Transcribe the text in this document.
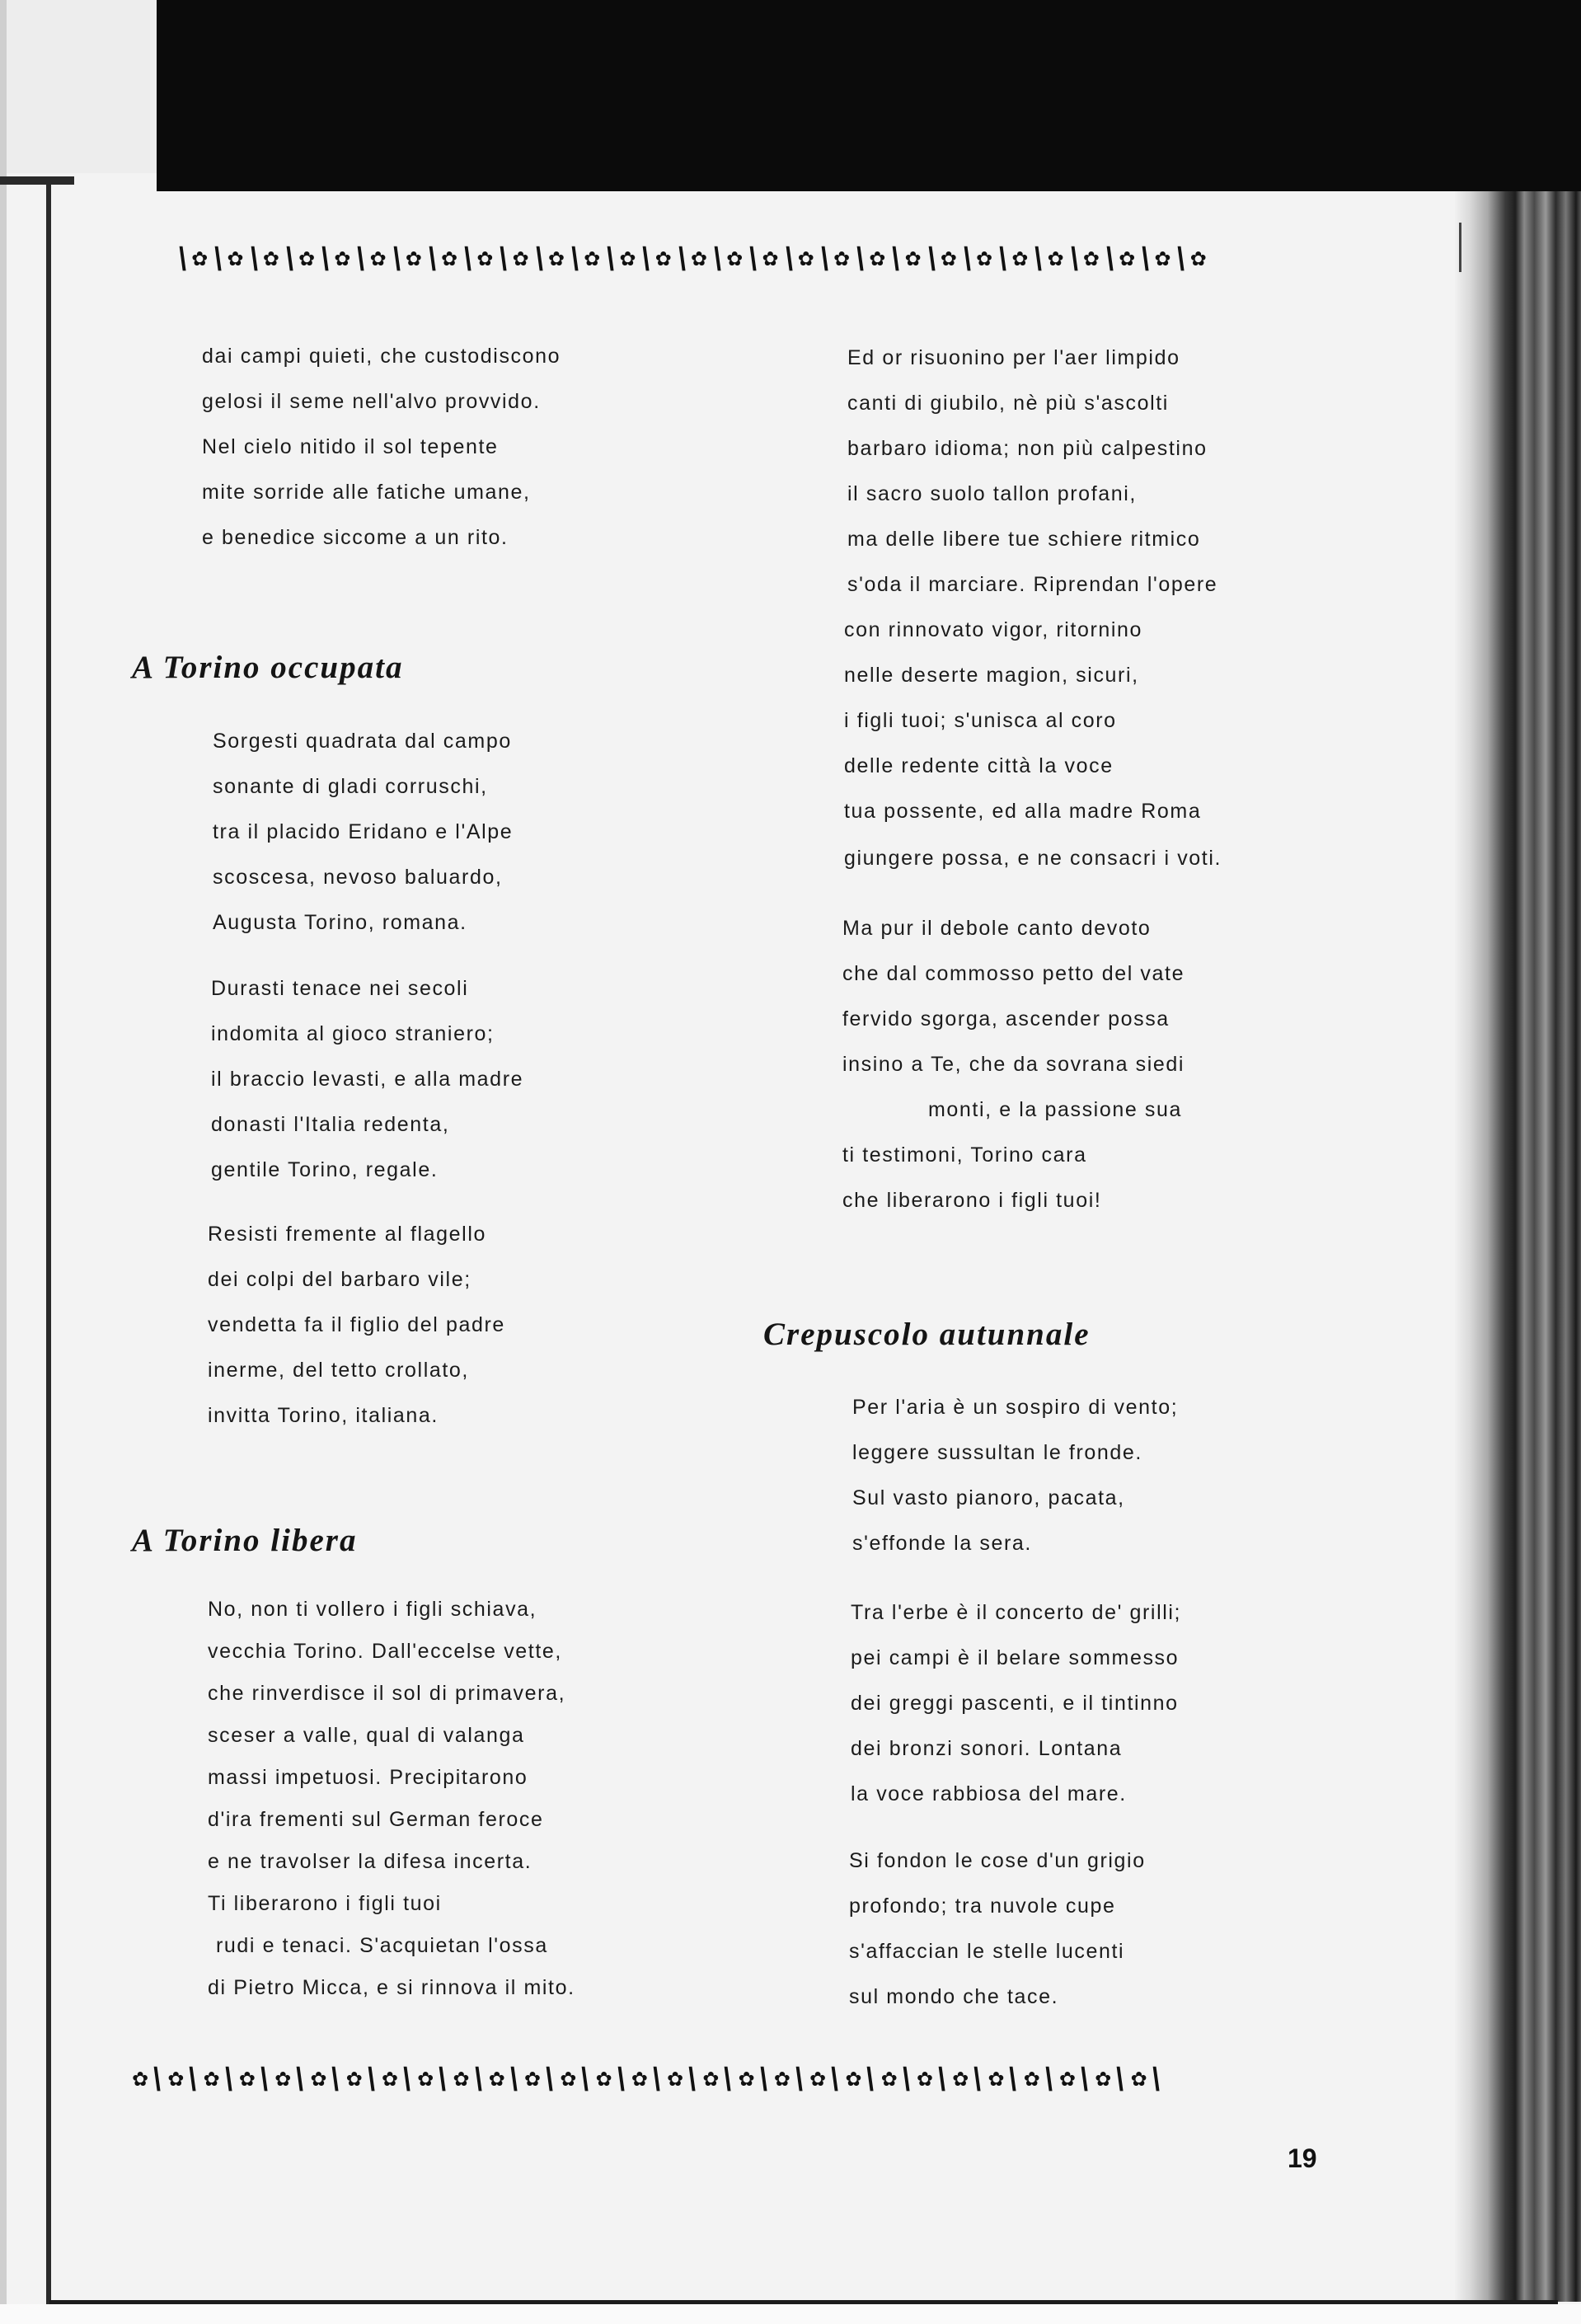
\ ✿ \ ✿ \ ✿ \ ✿ \ ✿ \ ✿ \ ✿ \ ✿ \ ✿ \ ✿ \ ✿ \ ✿ \ ✿ \ ✿ \ ✿ \ ✿ \ ✿ \ ✿ \ ✿ \ ✿ \ ✿ \ ✿ \ ✿ \ ✿ \ ✿ \ ✿ \ ✿ \ ✿ \ ✿
✿ \ ✿ \ ✿ \ ✿ \ ✿ \ ✿ \ ✿ \ ✿ \ ✿ \ ✿ \ ✿ \ ✿ \ ✿ \ ✿ \ ✿ \ ✿ \ ✿ \ ✿ \ ✿ \ ✿ \ ✿ \ ✿ \ ✿ \ ✿ \ ✿ \ ✿ \ ✿ \ ✿ \ ✿ \
dai campi quieti, che custodiscono
gelosi il seme nell'alvo provvido.
Nel cielo nitido il sol tepente
mite sorride alle fatiche umane,
e benedice siccome a un rito.
A Torino occupata
Sorgesti quadrata dal campo
sonante di gladi corruschi,
tra il placido Eridano e l'Alpe
scoscesa, nevoso baluardo,
Augusta Torino, romana.
Durasti tenace nei secoli
indomita al gioco straniero;
il braccio levasti, e alla madre
donasti l'Italia redenta,
gentile Torino, regale.
Resisti fremente al flagello
dei colpi del barbaro vile;
vendetta fa il figlio del padre
inerme, del tetto crollato,
invitta Torino, italiana.
A Torino libera
No, non ti vollero i figli schiava,
vecchia Torino. Dall'eccelse vette,
che rinverdisce il sol di primavera,
sceser a valle, qual di valanga
massi impetuosi. Precipitarono
d'ira frementi sul German feroce
e ne travolser la difesa incerta.
Ti liberarono i figli tuoi
rudi e tenaci. S'acquietan l'ossa
di Pietro Micca, e si rinnova il mito.
Ed or risuonino per l'aer limpido
canti di giubilo, nè più s'ascolti
barbaro idioma; non più calpestino
il sacro suolo tallon profani,
ma delle libere tue schiere ritmico
s'oda il marciare. Riprendan l'opere
con rinnovato vigor, ritornino
nelle deserte magion, sicuri,
i figli tuoi; s'unisca al coro
delle redente città la voce
tua possente, ed alla madre Roma
giungere possa, e ne consacri i voti.
Ma pur il debole canto devoto
che dal commosso petto del vate
fervido sgorga, ascender possa
insino a Te, che da sovrana siedi
monti, e la passione sua
ti testimoni, Torino cara
che liberarono i figli tuoi!
Crepuscolo autunnale
Per l'aria è un sospiro di vento;
leggere sussultan le fronde.
Sul vasto pianoro, pacata,
s'effonde la sera.
Tra l'erbe è il concerto de' grilli;
pei campi è il belare sommesso
dei greggi pascenti, e il tintinno
dei bronzi sonori. Lontana
la voce rabbiosa del mare.
Si fondon le cose d'un grigio
profondo; tra nuvole cupe
s'affaccian le stelle lucenti
sul mondo che tace.
19
